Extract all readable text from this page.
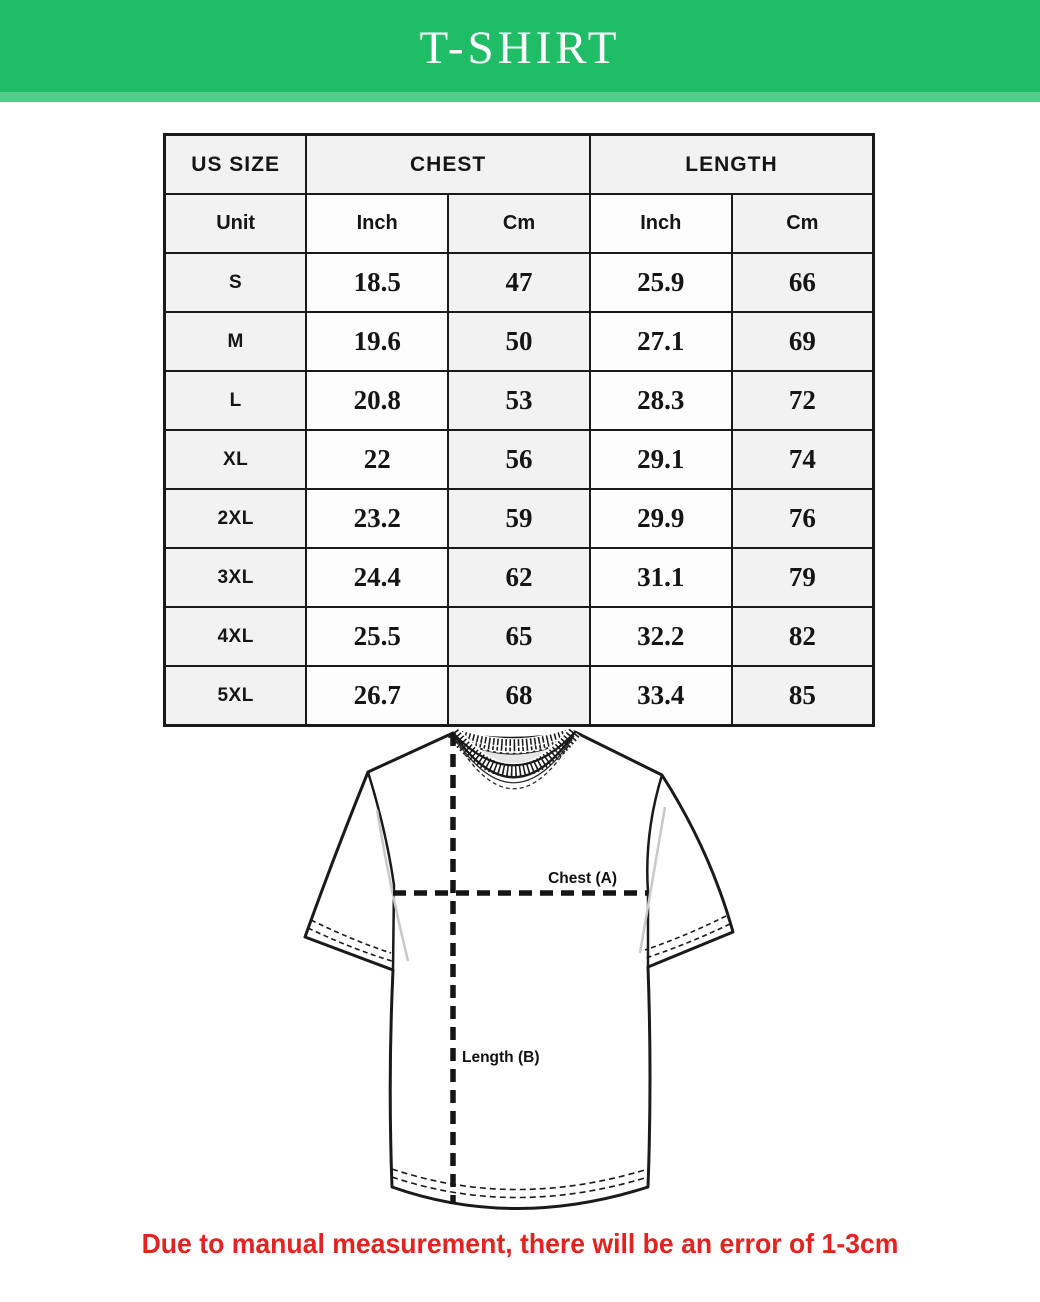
T-SHIRT
US SIZE	CHEST		LENGTH	
Unit	Inch	Cm	Inch	Cm
S	18.5	47	25.9	66
M	19.6	50	27.1	69
L	20.8	53	28.3	72
XL	22	56	29.1	74
2XL	23.2	59	29.9	76
3XL	24.4	62	31.1	79
4XL	25.5	65	32.2	82
5XL	26.7	68	33.4	85
Chest (A)
Length (B)
Due to manual measurement, there will be an error of 1-3cm
